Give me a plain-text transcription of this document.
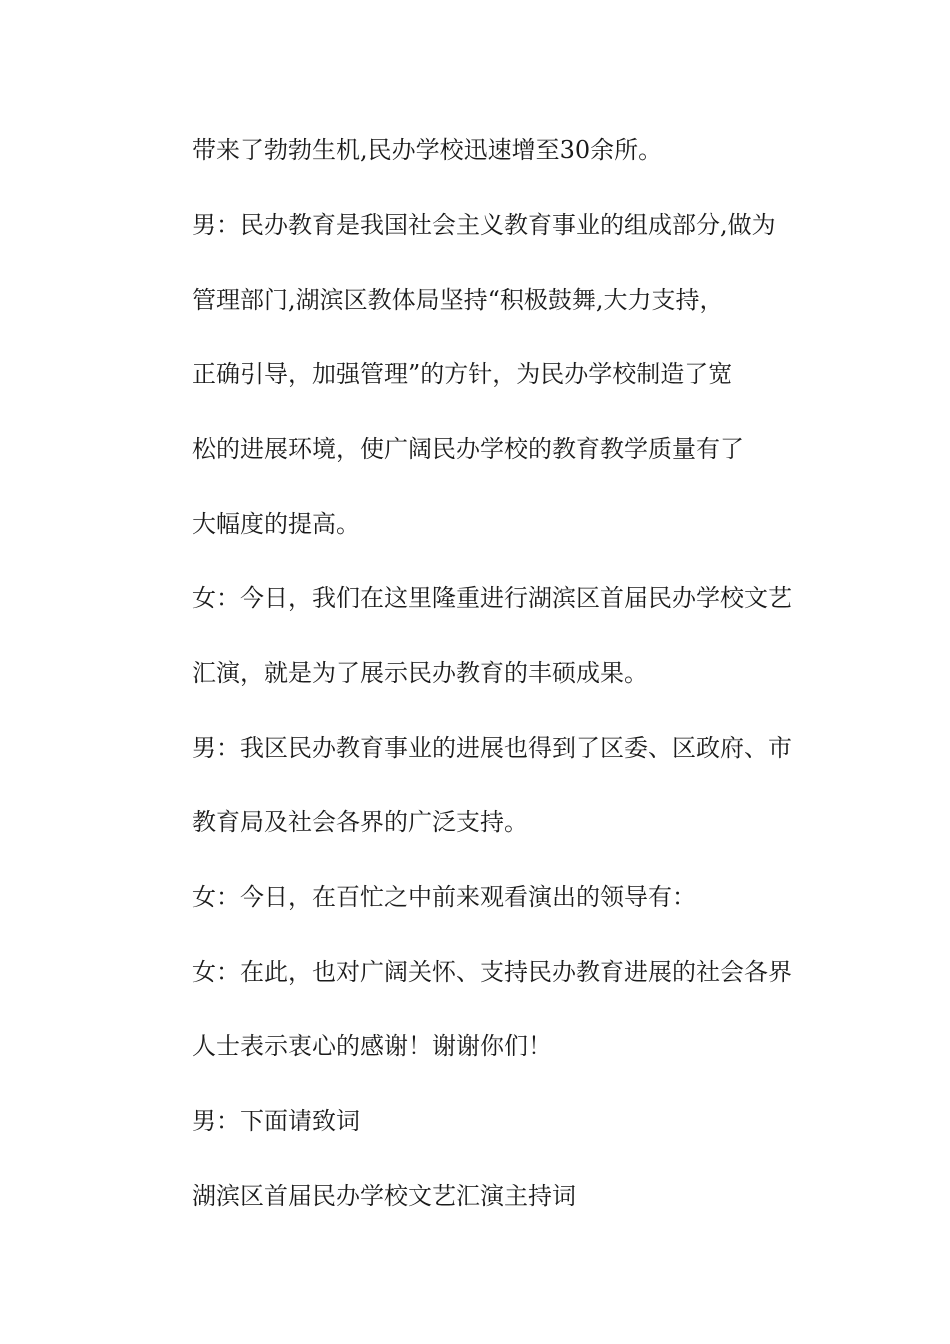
带来了勃勃生机,民办学校迅速增至30余所。

男：民办教育是我国社会主义教育事业的组成部分,做为

管理部门,湖滨区教体局坚持“积极鼓舞,大力支持，

正确引导，加强管理”的方针，为民办学校制造了宽

松的进展环境，使广阔民办学校的教育教学质量有了

大幅度的提高。

女：今日，我们在这里隆重进行湖滨区首届民办学校文艺

汇演，就是为了展示民办教育的丰硕成果。

男：我区民办教育事业的进展也得到了区委、区政府、市

教育局及社会各界的广泛支持。

女：今日，在百忙之中前来观看演出的领导有：

女：在此，也对广阔关怀、支持民办教育进展的社会各界

人士表示衷心的感谢！谢谢你们！

男：下面请致词

湖滨区首届民办学校文艺汇演主持词
